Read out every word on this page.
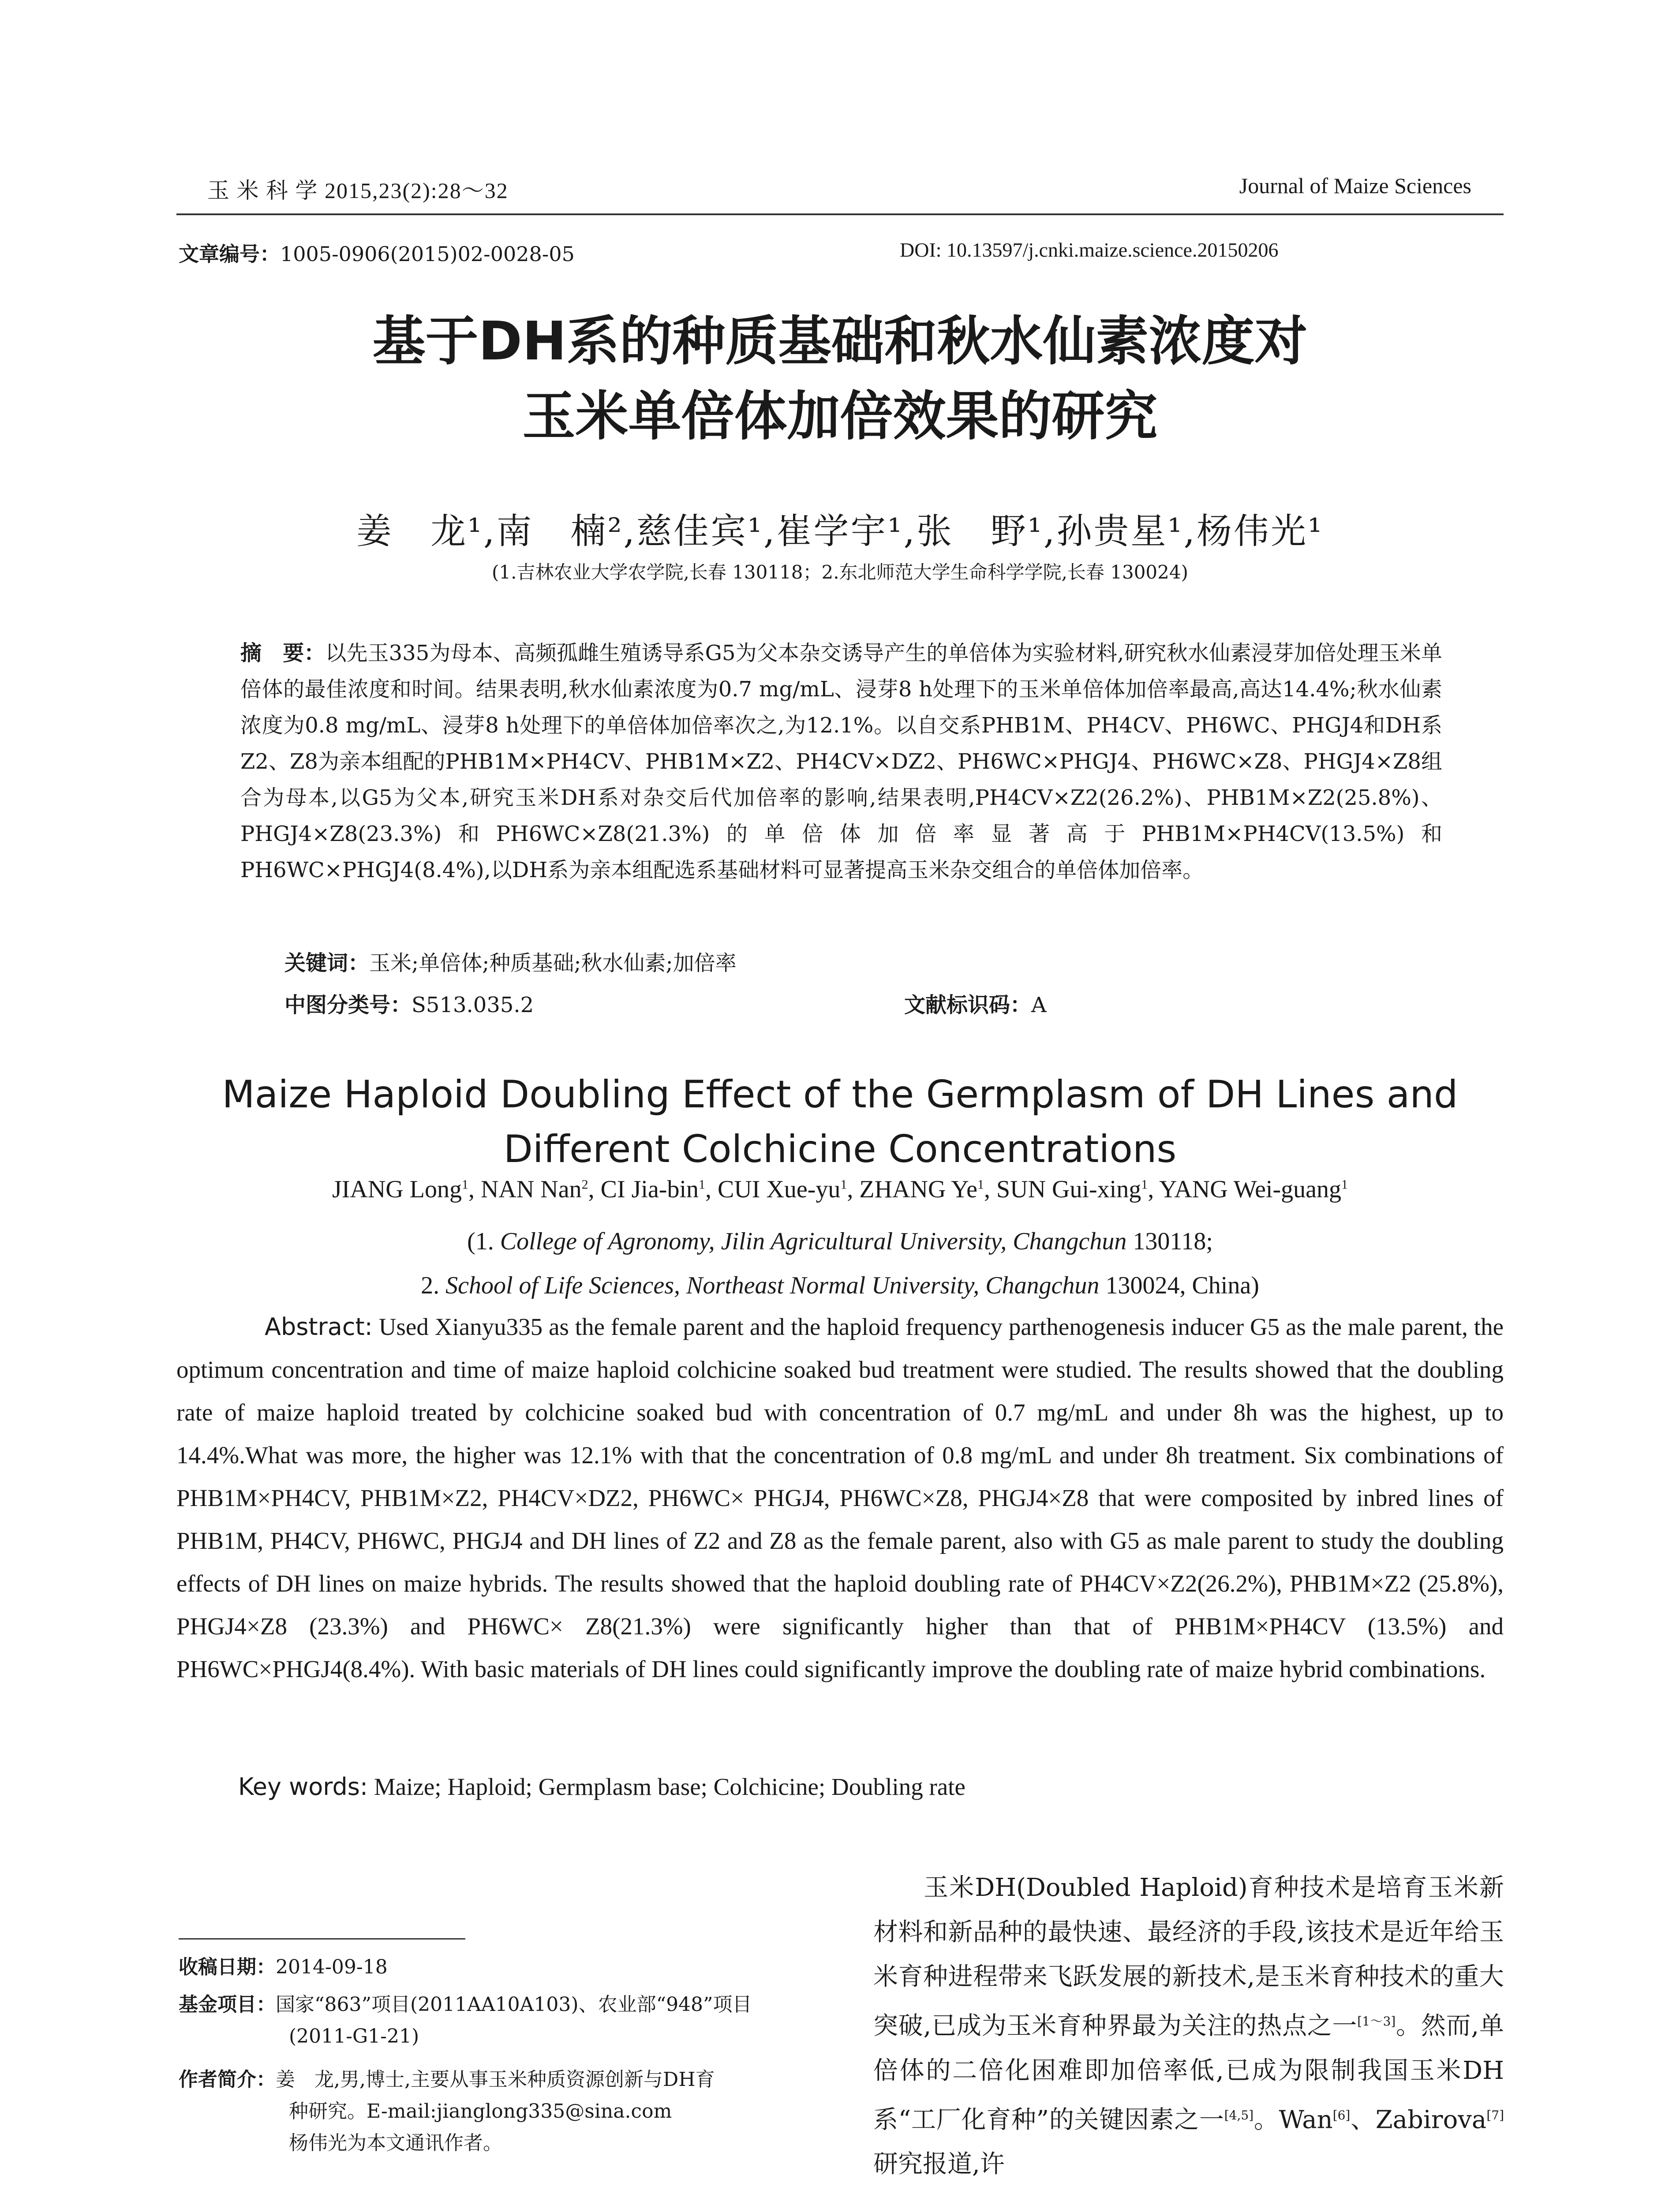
玉 米 科 学 2015,23(2):28～32	Journal of Maize Sciences
文章编号：1005-0906(2015)02-0028-05	DOI: 10.13597/j.cnki.maize.science.20150206
基于DH系的种质基础和秋水仙素浓度对
玉米单倍体加倍效果的研究
姜　龙¹,南　楠²,慈佳宾¹,崔学宇¹,张　野¹,孙贵星¹,杨伟光¹
(1.吉林农业大学农学院,长春 130118；2.东北师范大学生命科学学院,长春 130024)
摘　要：以先玉335为母本、高频孤雌生殖诱导系G5为父本杂交诱导产生的单倍体为实验材料,研究秋水仙素浸芽加倍处理玉米单倍体的最佳浓度和时间。结果表明,秋水仙素浓度为0.7 mg/mL、浸芽8 h处理下的玉米单倍体加倍率最高,高达14.4%;秋水仙素浓度为0.8 mg/mL、浸芽8 h处理下的单倍体加倍率次之,为12.1%。以自交系PHB1M、PH4CV、PH6WC、PHGJ4和DH系Z2、Z8为亲本组配的PHB1M×PH4CV、PHB1M×Z2、PH4CV×DZ2、PH6WC×PHGJ4、PH6WC×Z8、PHGJ4×Z8组合为母本,以G5为父本,研究玉米DH系对杂交后代加倍率的影响,结果表明,PH4CV×Z2(26.2%)、PHB1M×Z2(25.8%)、PHGJ4×Z8(23.3%)和PH6WC×Z8(21.3%)的单倍体加倍率显著高于PHB1M×PH4CV(13.5%)和PH6WC×PHGJ4(8.4%),以DH系为亲本组配选系基础材料可显著提高玉米杂交组合的单倍体加倍率。
关键词：玉米;单倍体;种质基础;秋水仙素;加倍率
中图分类号：S513.035.2	文献标识码：A
Maize Haploid Doubling Effect of the Germplasm of DH Lines and
Different Colchicine Concentrations
JIANG Long$^1$, NAN Nan$^2$, CI Jia-bin$^1$, CUI Xue-$yu^1$, ZHANG Ye$^1$, SUN Gui-xing$^1$, YANG Wei-guang$^1$
(1. College of Agronomy, Jilin Agricultural University, Changchun 130118;
2. School of Life Sciences, Northeast Normal University, Changchun 130024, China)
Abstract: Used Xianyu335 as the female parent and the haploid frequency parthenogenesis inducer G5 as the male parent, the optimum concentration and time of maize haploid colchicine soaked bud treatment were studied. The results showed that the doubling rate of maize haploid treated by colchicine soaked bud with concentration of 0.7 mg/mL and under 8h was the highest, up to 14.4%.What was more, the higher was 12.1% with that the concentration of 0.8 mg/mL and under 8h treatment. Six combinations of PHB1M×PH4CV, PHB1M×Z2, PH4CV×DZ2, PH6WC× PHGJ4, PH6WC×Z8, PHGJ4×Z8 that were composited by inbred lines of PHB1M, PH4CV, PH6WC, PHGJ4 and DH lines of Z2 and Z8 as the female parent, also with G5 as male parent to study the doubling effects of DH lines on maize hybrids. The results showed that the haploid doubling rate of PH4CV×Z2(26.2%), PHB1M×Z2 (25.8%), PHGJ4×Z8 (23.3%) and PH6WC× Z8(21.3%) were significantly higher than that of PHB1M×PH4CV (13.5%) and PH6WC×PHGJ4(8.4%). With basic materials of DH lines could significantly improve the doubling rate of maize hybrid combinations.
Key words: Maize; Haploid; Germplasm base; Colchicine; Doubling rate
收稿日期：2014-09-18
基金项目：国家“863”项目(2011AA10A103)、农业部“948”项目
(2011-G1-21)
作者简介：姜　龙,男,博士,主要从事玉米种质资源创新与DH育
种研究。E-mail:jianglong335@sina.com
杨伟光为本文通讯作者。
玉米DH(Doubled Haploid)育种技术是培育玉米新材料和新品种的最快速、最经济的手段,该技术是近年给玉米育种进程带来飞跃发展的新技术,是玉米育种技术的重大突破,已成为玉米育种界最为关注的热点之一[1～3]。然而,单倍体的二倍化困难即加倍率低,已成为限制我国玉米DH系“工厂化育种”的关键因素之一[4,5]。Wan[6]、Zabirova[7]研究报道,许
